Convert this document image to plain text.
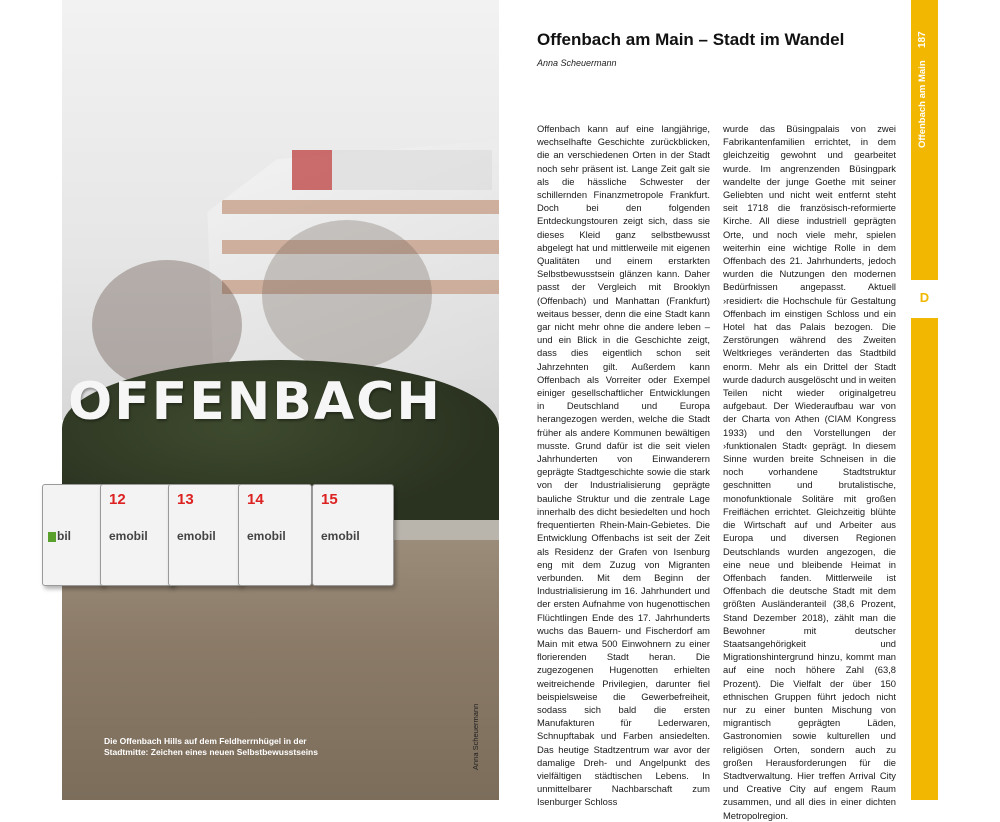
OFFENBACH
bil
12
emobil
13
emobil
14
emobil
15
emobil
Die Offenbach Hills auf dem Feldherrnhügel in der Stadtmitte: Zeichen eines neuen Selbstbewusstseins	Anna Scheuermann
Offenbach am Main – Stadt im Wandel
Anna Scheuermann
Offenbach kann auf eine langjährige, wechselhafte Geschichte zurückblicken, die an verschiedenen Orten in der Stadt noch sehr präsent ist. Lange Zeit galt sie als die hässliche Schwester der schillernden Finanzmetropole Frankfurt. Doch bei den folgenden Entdeckungstouren zeigt sich, dass sie dieses Kleid ganz selbstbewusst abgelegt hat und mittlerweile mit eigenen Qualitäten und einem erstarkten Selbstbewusstsein glänzen kann. Daher passt der Vergleich mit Brooklyn (Offenbach) und Manhattan (Frankfurt) weitaus besser, denn die eine Stadt kann gar nicht mehr ohne die andere leben – und ein Blick in die Geschichte zeigt, dass dies eigentlich schon seit Jahrzehnten gilt. Außerdem kann Offenbach als Vorreiter oder Exempel einiger gesellschaftlicher Entwicklungen in Deutschland und Europa herangezogen werden, welche die Stadt früher als andere Kommunen bewältigen musste. Grund dafür ist die seit vielen Jahrhunderten von Einwanderern geprägte Stadtgeschichte sowie die stark von der Industrialisierung geprägte bauliche Struktur und die zentrale Lage innerhalb des dicht besiedelten und hoch frequentierten Rhein-Main-Gebietes. Die Entwicklung Offenbachs ist seit der Zeit als Residenz der Grafen von Isenburg eng mit dem Zuzug von Migranten verbunden. Mit dem Beginn der Industrialisierung im 16. Jahrhundert und der ersten Aufnahme von hugenottischen Flüchtlingen Ende des 17. Jahrhunderts wuchs das Bauern- und Fischerdorf am Main mit etwa 500 Einwohnern zu einer florierenden Stadt heran. Die zugezogenen Hugenotten erhielten weitreichende Privilegien, darunter fiel beispielsweise die Gewerbefreiheit, sodass sich bald die ersten Manufakturen für Lederwaren, Schnupftabak und Farben ansiedelten. Das heutige Stadtzentrum war avor der damalige Dreh- und Angelpunkt des vielfältigen städtischen Lebens. In unmittelbarer Nachbarschaft zum Isenburger Schloss
wurde das Büsingpalais von zwei Fabrikantenfamilien errichtet, in dem gleichzeitig gewohnt und gearbeitet wurde. Im angrenzenden Büsingpark wandelte der junge Goethe mit seiner Geliebten und nicht weit entfernt steht seit 1718 die französisch-reformierte Kirche. All diese industriell geprägten Orte, und noch viele mehr, spielen weiterhin eine wichtige Rolle in dem Offenbach des 21. Jahrhunderts, jedoch wurden die Nutzungen den modernen Bedürfnissen angepasst. Aktuell ›residiert‹ die Hochschule für Gestaltung Offenbach im einstigen Schloss und ein Hotel hat das Palais bezogen. Die Zerstörungen während des Zweiten Weltkrieges veränderten das Stadtbild enorm. Mehr als ein Drittel der Stadt wurde dadurch ausgelöscht und in weiten Teilen nicht wieder originalgetreu aufgebaut. Der Wiederaufbau war von der Charta von Athen (CIAM Kongress 1933) und den Vorstellungen der ›funktionalen Stadt‹ geprägt. In diesem Sinne wurden breite Schneisen in die noch vorhandene Stadtstruktur geschnitten und brutalistische, monofunktionale Solitäre mit großen Freiflächen errichtet. Gleichzeitig blühte die Wirtschaft auf und Arbeiter aus Europa und diversen Regionen Deutschlands wurden angezogen, die eine neue und bleibende Heimat in Offenbach fanden. Mittlerweile ist Offenbach die deutsche Stadt mit dem größten Ausländeranteil (38,6 Prozent, Stand Dezember 2018), zählt man die Bewohner mit deutscher Staatsangehörigkeit und Migrationshintergrund hinzu, kommt man auf eine noch höhere Zahl (63,8 Prozent). Die Vielfalt der über 150 ethnischen Gruppen führt jedoch nicht nur zu einer bunten Mischung von migrantisch geprägten Läden, Gastronomien sowie kulturellen und religiösen Orten, sondern auch zu großen Herausforderungen für die Stadtverwaltung. Hier treffen Arrival City und Creative City auf engem Raum zusammen, und all dies in einer dichten Metropolregion.
D
187
Offenbach am Main
